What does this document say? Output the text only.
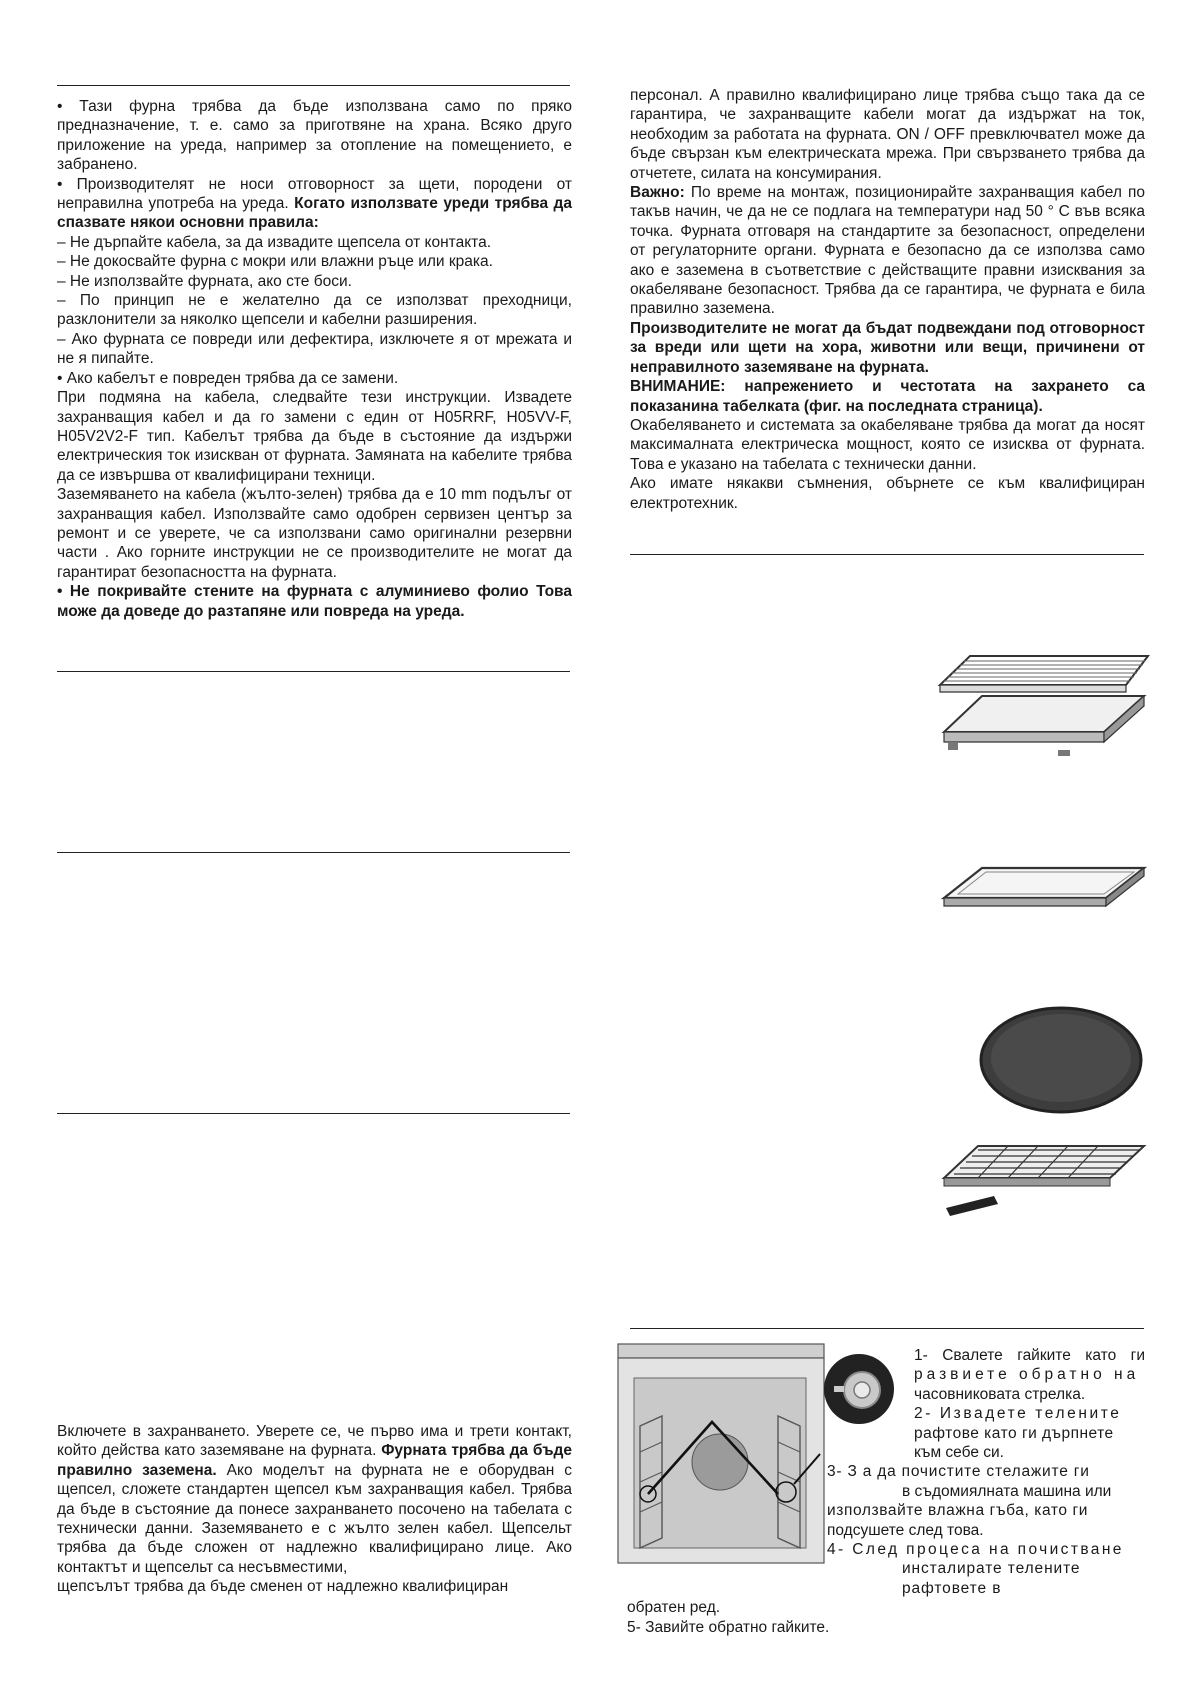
• Тази фурна трябва да бъде използвана само по пряко предназначение, т. е. само за приготвяне на храна. Всяко друго приложение на уреда, например за отопление на помещението, е забранено.

• Производителят не носи отговорност за щети, породени от неправилна употреба на уреда. Когато използвате уреди трябва да спазвате някои основни правила:

– Не дърпайте кабела, за да извадите щепсела от контакта.

– Не докосвайте фурна с мокри или влажни ръце или крака.

– Не използвайте фурната, ако сте боси.

– По принцип не е желателно да се използват преходници, разклонители за няколко щепсели и кабелни разширения.

– Ако фурната се повреди или дефектира, изключете я от мрежата и не я пипайте.

• Ако кабелът е повреден трябва да се замени.

При подмяна на кабела, следвайте тези инструкции. Извадете захранващия кабел и да го замени с един от H05RRF, H05VV-F, H05V2V2-F тип. Кабелът трябва да бъде в състояние да издържи електрическия ток изискван от фурната. Замяната на кабелите трябва да се извършва от квалифицирани техници.

Заземяването на кабела (жълто-зелен) трябва да е 10 mm подълъг от захранващия кабел. Използвайте само одобрен сервизен център за ремонт и се уверете, че са използвани само оригинални резервни части . Ако горните инструкции не се производителите не могат да гарантират безопасността на фурната.

• Не покривайте стените на фурната с алуминиево фолио Това може да доведе до разтапяне или повреда на уреда.

Включете в захранването. Уверете се, че първо има и трети контакт, който действа като заземяване на фурната. Фурната трябва да бъде правилно заземена. Ако моделът на фурната не е оборудван с щепсел, сложете стандартен щепсел към захранващия кабел. Трябва да бъде в състояние да понесе захранването посочено на табелата с технически данни. Заземяването е с жълто зелен кабел. Щепсельт трябва да бъде сложен от надлежно квалифицирано лице. Ако контактът и щепсельт са несъвместими,

щепсълът трябва да бъде сменен от надлежно квалифициран

персонал. А правилно квалифицирано лице трябва също така да се гарантира, че захранващите кабели могат да издържат на ток, необходим за работата на фурната. ON / OFF превключвател може да бъде свързан към електрическата мрежа. При свързването трябва да отчетете, силата на консумирания.

Важно: По време на монтаж, позиционирайте захранващия кабел по такъв начин, че да не се подлага на температури над 50 ° С във всяка точка. Фурната отговаря на стандартите за безопасност, определени от регулаторните органи. Фурната е безопасно да се използва само ако е заземена в съответствие с действащите правни изисквания за окабеляване безопасност. Трябва да се гарантира, че фурната е била правилно заземена.

Производителите не могат да бъдат подвеждани под отговорност за вреди или щети на хора, животни или вещи, причинени от неправилното заземяване на фурната.

ВНИМАНИЕ: напрежението и честотата на захрането са показанина табелката (фиг. на последната страница).

Окабеляването и системата за окабеляване трябва да могат да носят максималната електрическа мощност, която се изисква от фурната. Това е указано на табелата с технически данни.

Ако имате някакви съмнения, обърнете се към квалифициран електротехник.

1- Свалете гайките като ги
развиете обратно на
часовниковата стрелка.
2- Извадете телените
рафтове като ги дърпнете
към себе си.
3- З а да почистите стелажите ги
в съдомиялната машина или
използвайте влажна гъба, като ги
подсушете след това.
4- След процеса на почистване
инсталирате телените рафтовете в
обратен ред.
5- Завийте обратно гайките.
